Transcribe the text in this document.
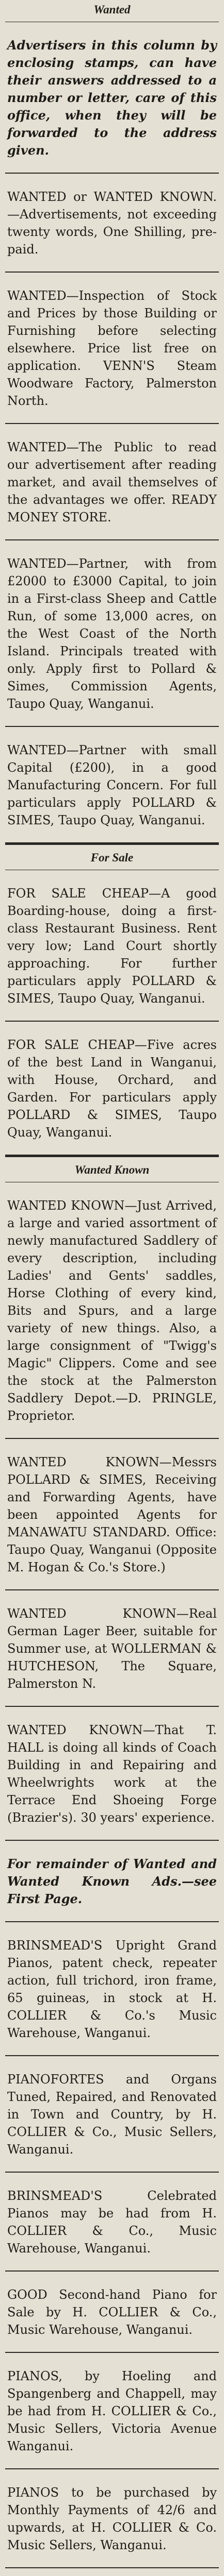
Wanted

Advertisers in this column by enclosing stamps, can have their answers addressed to a number or letter, care of this office, when they will be forwarded to the address given.

WANTED or WANTED KNOWN.—Advertisements, not exceeding twenty words, One Shilling, pre-paid.

WANTED—Inspection of Stock and Prices by those Building or Furnishing before selecting elsewhere. Price list free on application. VENN'S Steam Woodware Factory, Palmerston North.

WANTED—The Public to read our advertisement after reading market, and avail themselves of the advantages we offer. READY MONEY STORE.

WANTED—Partner, with from £2000 to £3000 Capital, to join in a First-class Sheep and Cattle Run, of some 13,000 acres, on the West Coast of the North Island. Principals treated with only. Apply first to Pollard & Simes, Commission Agents, Taupo Quay, Wanganui.

WANTED—Partner with small Capital (£200), in a good Manufacturing Concern. For full particulars apply POLLARD & SIMES, Taupo Quay, Wanganui.

For Sale

FOR SALE CHEAP—A good Boarding-house, doing a first-class Restaurant Business. Rent very low; Land Court shortly approaching. For further particulars apply POLLARD & SIMES, Taupo Quay, Wanganui.

FOR SALE CHEAP—Five acres of the best Land in Wanganui, with House, Orchard, and Garden. For particulars apply POLLARD & SIMES, Taupo Quay, Wanganui.

Wanted Known

WANTED KNOWN—Just Arrived, a large and varied assortment of newly manufactured Saddlery of every description, including Ladies' and Gents' saddles, Horse Clothing of every kind, Bits and Spurs, and a large variety of new things. Also, a large consignment of "Twigg's Magic" Clippers. Come and see the stock at the Palmerston Saddlery Depot.—D. PRINGLE, Proprietor.

WANTED KNOWN—Messrs POLLARD & SIMES, Receiving and Forwarding Agents, have been appointed Agents for MANAWATU STANDARD. Office: Taupo Quay, Wanganui (Opposite M. Hogan & Co.'s Store.)

WANTED KNOWN—Real German Lager Beer, suitable for Summer use, at WOLLERMAN & HUTCHESON, The Square, Palmerston N.

WANTED KNOWN—That T. HALL is doing all kinds of Coach Building in and Repairing and Wheelwrights work at the Terrace End Shoeing Forge (Brazier's). 30 years' experience.

For remainder of Wanted and Wanted Known Ads.—see First Page.

BRINSMEAD'S Upright Grand Pianos, patent check, repeater action, full trichord, iron frame, 65 guineas, in stock at H. COLLIER & Co.'s Music Warehouse, Wanganui.

PIANOFORTES and Organs Tuned, Repaired, and Renovated in Town and Country, by H. COLLIER & Co., Music Sellers, Wanganui.

BRINSMEAD'S Celebrated Pianos may be had from H. COLLIER & Co., Music Warehouse, Wanganui.

GOOD Second-hand Piano for Sale by H. COLLIER & Co., Music Warehouse, Wanganui.

PIANOS, by Hoeling and Spangenberg and Chappell, may be had from H. COLLIER & Co., Music Sellers, Victoria Avenue Wanganui.

PIANOS to be purchased by Monthly Payments of 42/6 and upwards, at H. COLLIER & Co. Music Sellers, Wanganui.
